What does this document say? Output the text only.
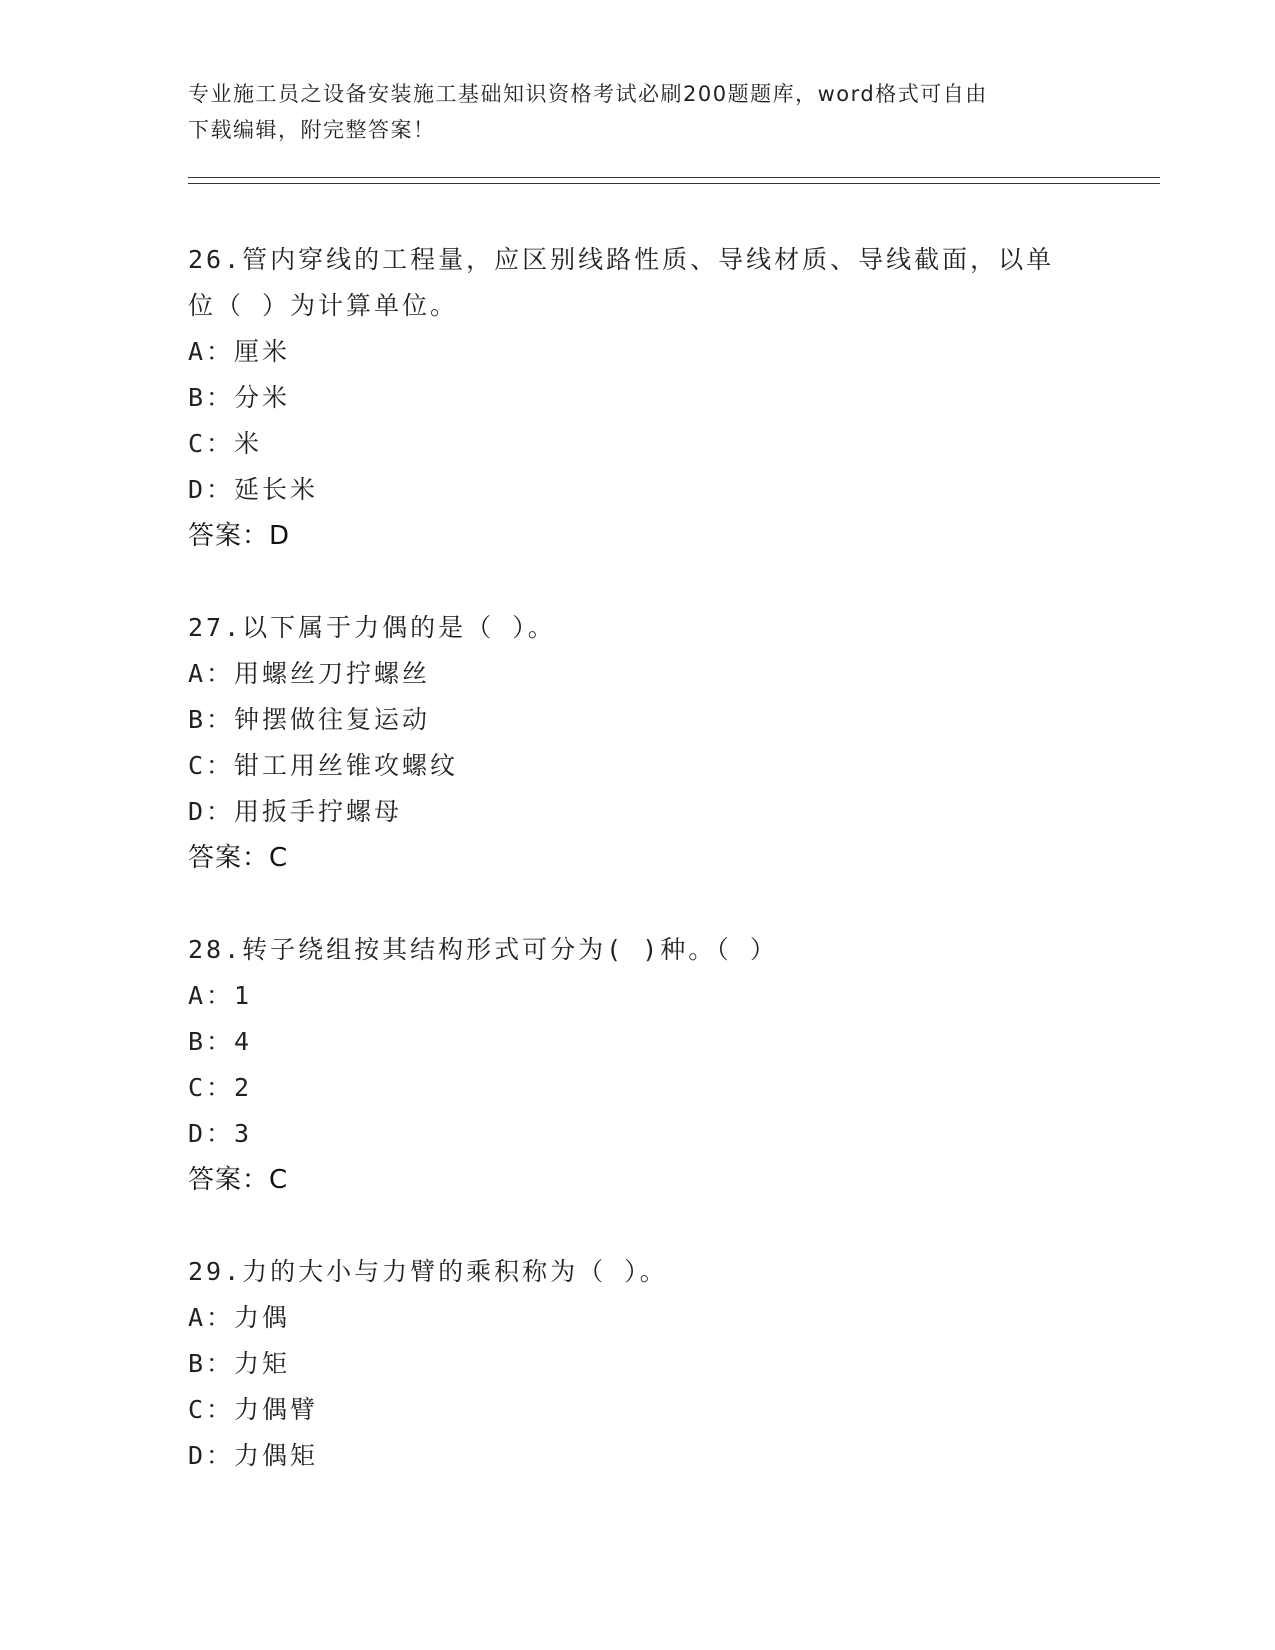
专业施工员之设备安装施工基础知识资格考试必刷200题题库，word格式可自由
下载编辑，附完整答案！
26.管内穿线的工程量，应区别线路性质、导线材质、导线截面，以单
位（ ）为计算单位。
A：厘米
B：分米
C：米
D：延长米
答案：D
27.以下属于力偶的是（ ）。
A：用螺丝刀拧螺丝
B：钟摆做往复运动
C：钳工用丝锥攻螺纹
D：用扳手拧螺母
答案：C
28.转子绕组按其结构形式可分为( )种。（ ）
A：1
B：4
C：2
D：3
答案：C
29.力的大小与力臂的乘积称为（ ）。
A：力偶
B：力矩
C：力偶臂
D：力偶矩
